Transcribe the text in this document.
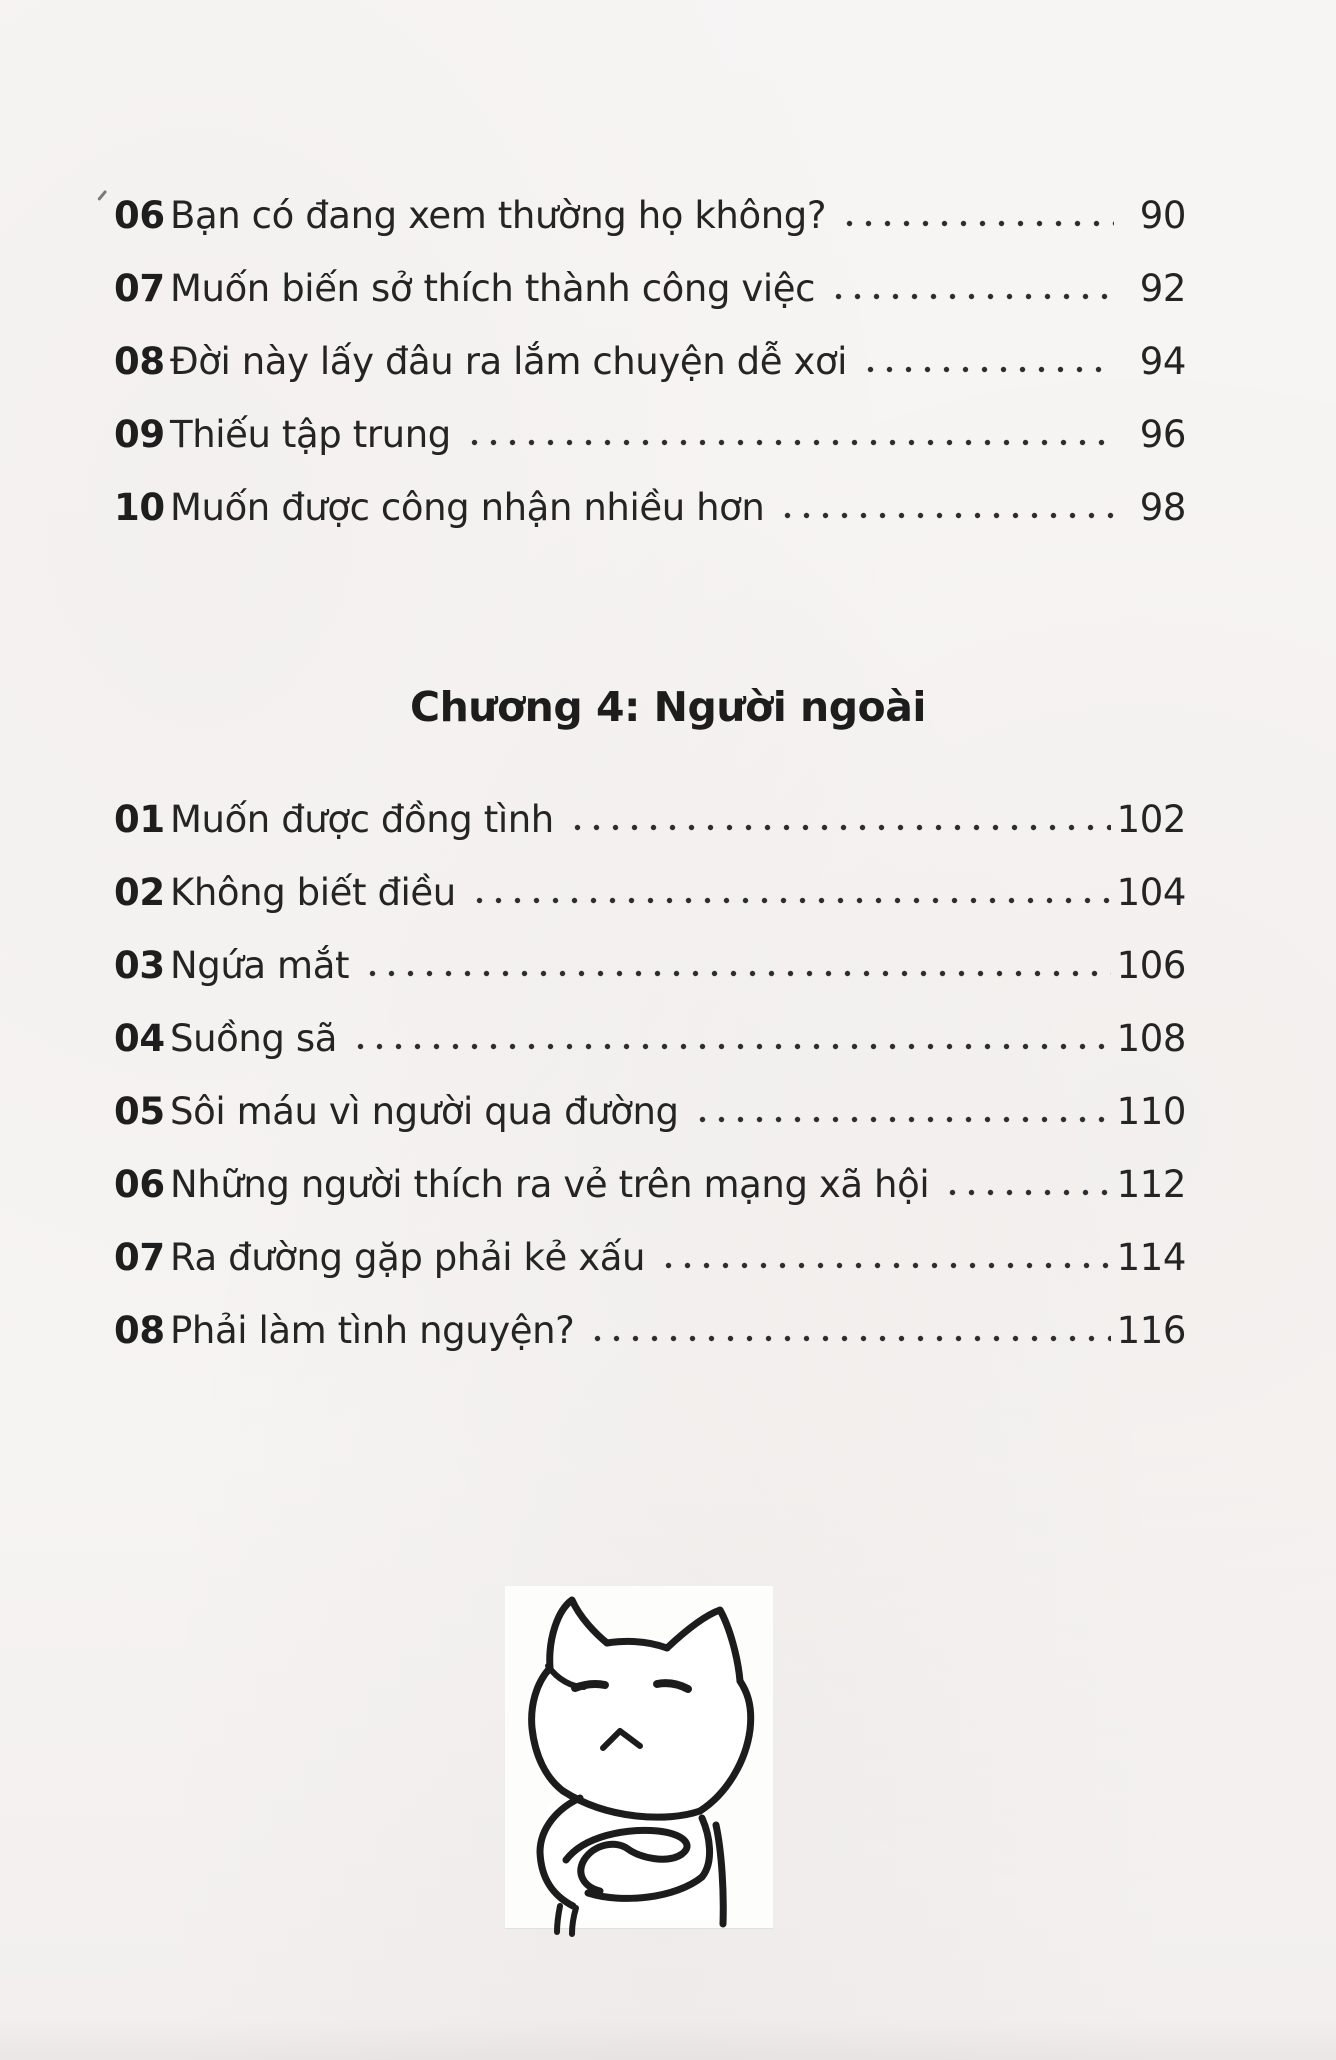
06 Bạn có đang xem thường họ không?	90
07 Muốn biến sở thích thành công việc	92
08 Đời này lấy đâu ra lắm chuyện dễ xơi	94
09 Thiếu tập trung	96
10 Muốn được công nhận nhiều hơn	98
Chương 4: Người ngoài
01 Muốn được đồng tình	102
02 Không biết điều	104
03 Ngứa mắt	106
04 Suồng sã	108
05 Sôi máu vì người qua đường	110
06 Những người thích ra vẻ trên mạng xã hội	112
07 Ra đường gặp phải kẻ xấu	114
08 Phải làm tình nguyện?	116
